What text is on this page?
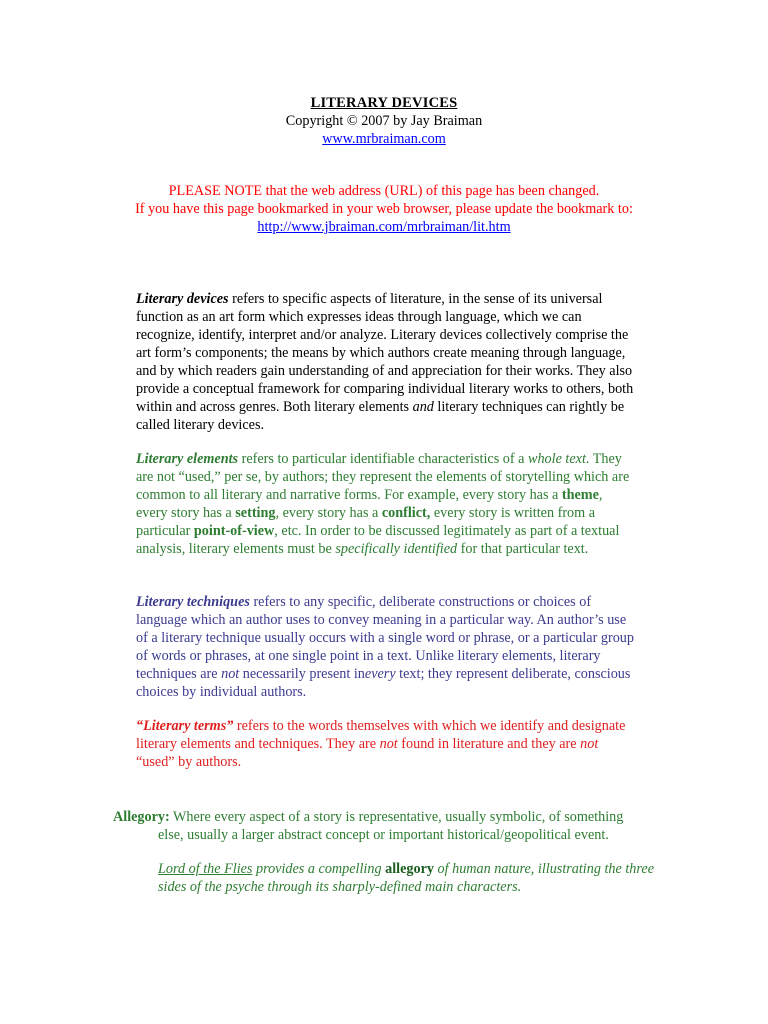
LITERARY DEVICES
Copyright © 2007 by Jay Braiman
www.mrbraiman.com
PLEASE NOTE that the web address (URL) of this page has been changed.
If you have this page bookmarked in your web browser, please update the bookmark to:
http://www.jbraiman.com/mrbraiman/lit.htm
Literary devices refers to specific aspects of literature, in the sense of its universal function as an art form which expresses ideas through language, which we can recognize, identify, interpret and/or analyze. Literary devices collectively comprise the art form’s components; the means by which authors create meaning through language, and by which readers gain understanding of and appreciation for their works. They also provide a conceptual framework for comparing individual literary works to others, both within and across genres. Both literary elements and literary techniques can rightly be called literary devices.
Literary elements refers to particular identifiable characteristics of a whole text. They are not “used,” per se, by authors; they represent the elements of storytelling which are common to all literary and narrative forms. For example, every story has a theme, every story has a setting, every story has a conflict, every story is written from a particular point-of-view, etc. In order to be discussed legitimately as part of a textual analysis, literary elements must be specifically identified for that particular text.
Literary techniques refers to any specific, deliberate constructions or choices of language which an author uses to convey meaning in a particular way. An author’s use of a literary technique usually occurs with a single word or phrase, or a particular group of words or phrases, at one single point in a text. Unlike literary elements, literary techniques are not necessarily present inevery text; they represent deliberate, conscious choices by individual authors.
“Literary terms” refers to the words themselves with which we identify and designate literary elements and techniques. They are not found in literature and they are not “used” by authors.
Allegory: Where every aspect of a story is representative, usually symbolic, of something
else, usually a larger abstract concept or important historical/geopolitical event.
Lord of the Flies provides a compelling allegory of human nature, illustrating the three sides of the psyche through its sharply-defined main characters.
